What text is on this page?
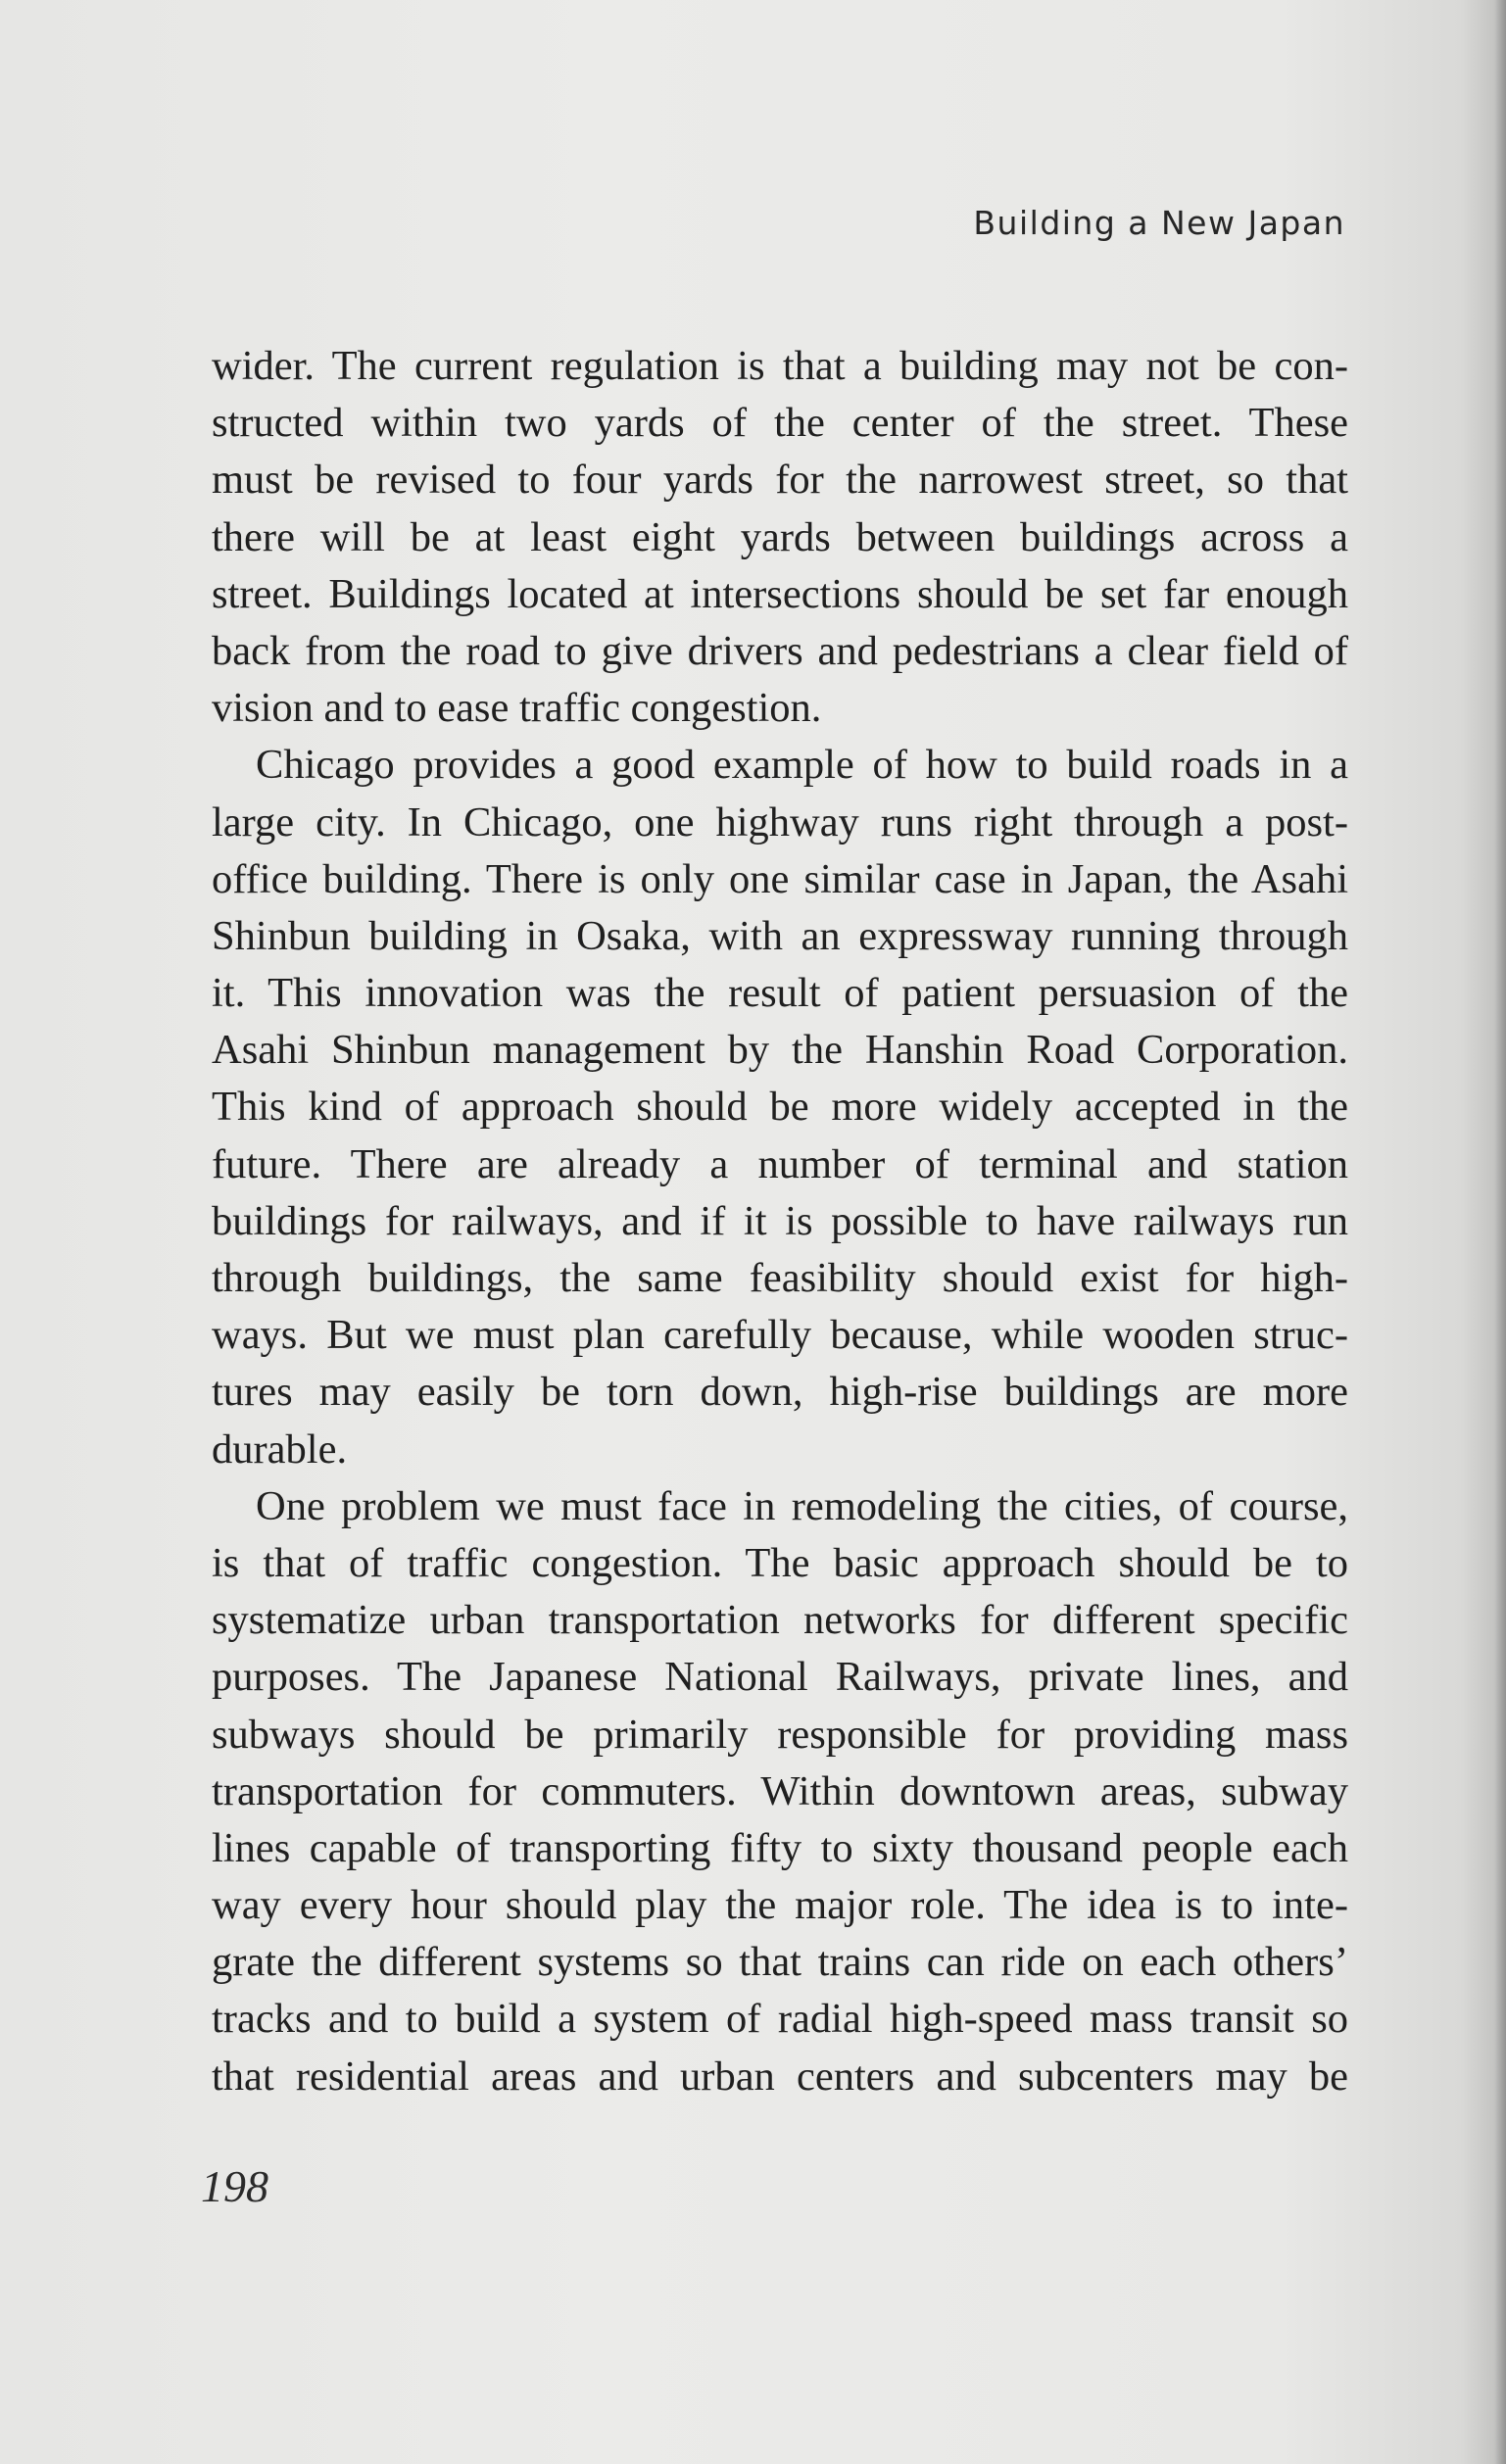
Building a New Japan
wider. The current regulation is that a building may not be con-
structed within two yards of the center of the street. These
must be revised to four yards for the narrowest street, so that
there will be at least eight yards between buildings across a
street. Buildings located at intersections should be set far enough
back from the road to give drivers and pedestrians a clear field of
vision and to ease traffic congestion.
Chicago provides a good example of how to build roads in a
large city. In Chicago, one highway runs right through a post-
office building. There is only one similar case in Japan, the Asahi
Shinbun building in Osaka, with an expressway running through
it. This innovation was the result of patient persuasion of the
Asahi Shinbun management by the Hanshin Road Corporation.
This kind of approach should be more widely accepted in the
future. There are already a number of terminal and station
buildings for railways, and if it is possible to have railways run
through buildings, the same feasibility should exist for high-
ways. But we must plan carefully because, while wooden struc-
tures may easily be torn down, high-rise buildings are more
durable.
One problem we must face in remodeling the cities, of course,
is that of traffic congestion. The basic approach should be to
systematize urban transportation networks for different specific
purposes. The Japanese National Railways, private lines, and
subways should be primarily responsible for providing mass
transportation for commuters. Within downtown areas, subway
lines capable of transporting fifty to sixty thousand people each
way every hour should play the major role. The idea is to inte-
grate the different systems so that trains can ride on each others’
tracks and to build a system of radial high-speed mass transit so
that residential areas and urban centers and subcenters may be
198
